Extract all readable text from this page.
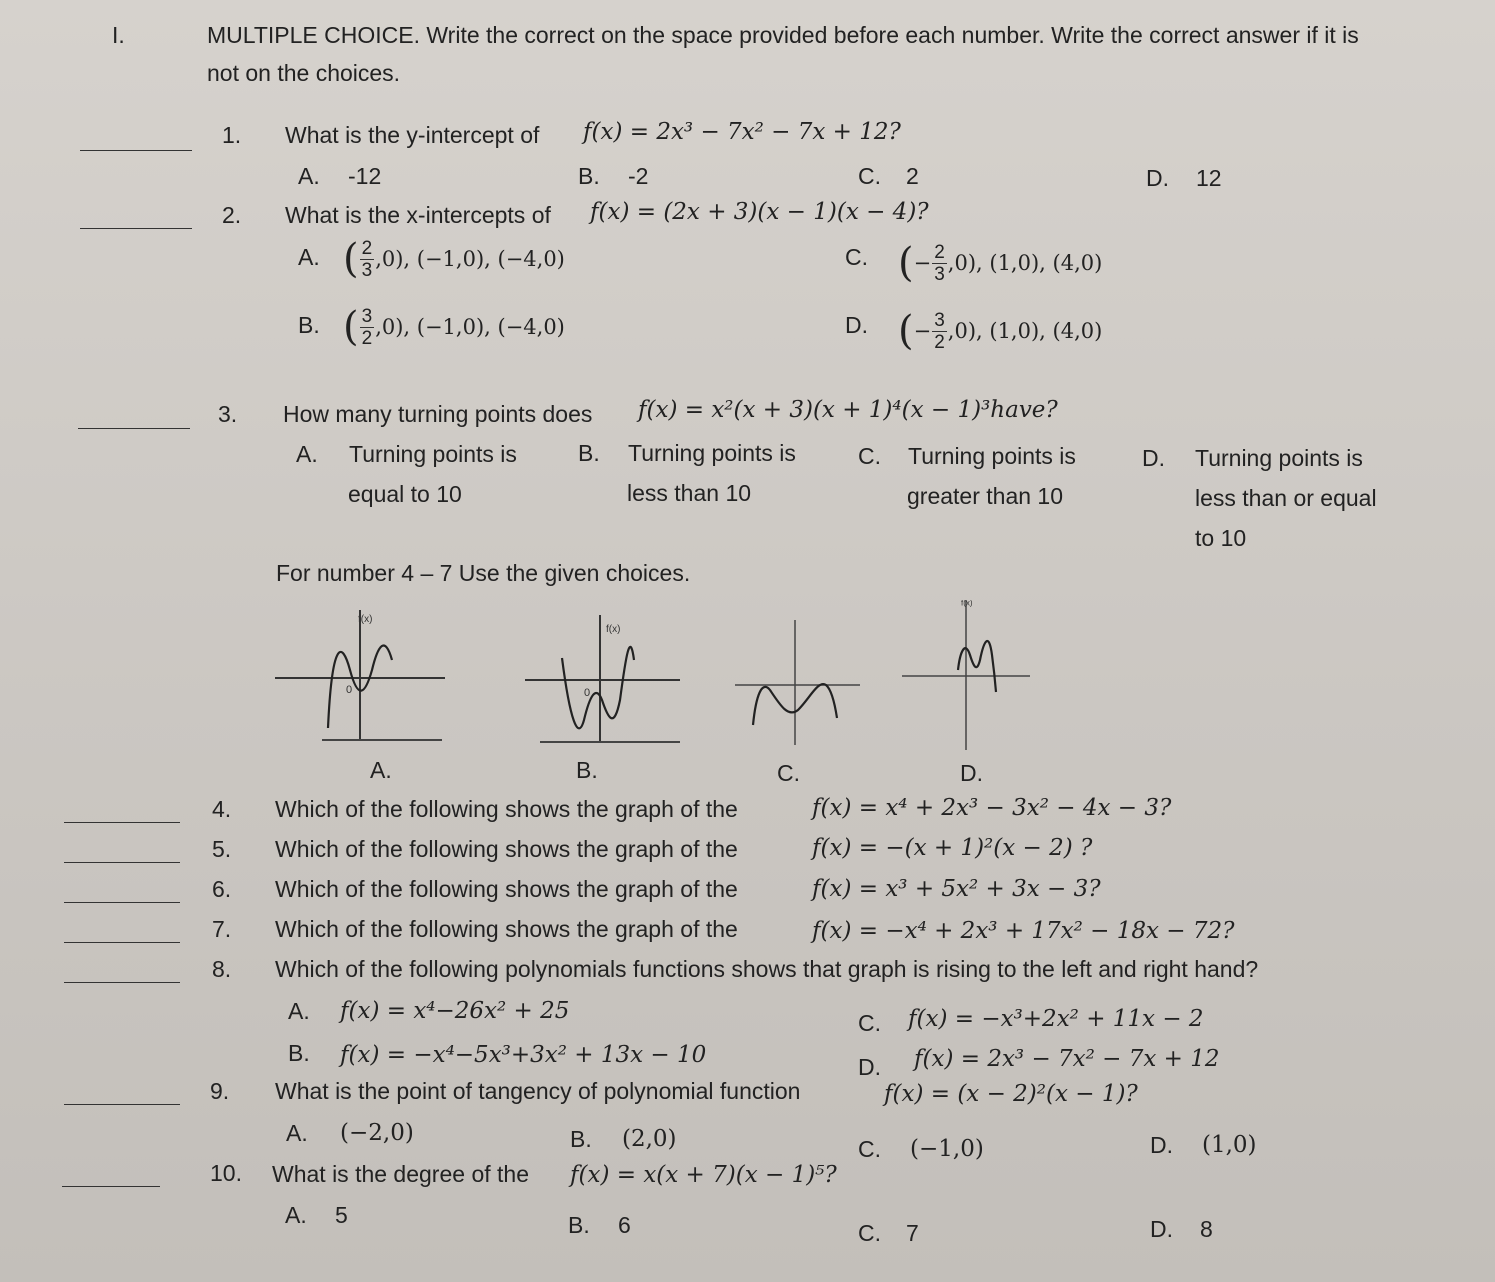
I.	MULTIPLE CHOICE. Write the correct on the space provided before each number. Write the correct answer if it is
not on the choices.
1. What is the y-intercept of f(x) = 2x³ − 7x² − 7x + 12?
A. -12	B. -2	C. 2	D. 12
2. What is the x-intercepts of f(x) = (2x + 3)(x − 1)(x − 4)?
A. ( $\frac{2}{3} ,0$), (−1,0), (−4,0)	C. (− $\frac{2}{3} ,0$), (1,0), (4,0)
B. ( $\frac{3}{2} ,0$), (−1,0), (−4,0)	D. (− $\frac{3}{2} ,0$), (1,0), (4,0)
3. How many turning points does f(x) = x²(x + 3)(x + 1)⁴(x − 1)³have?
A. Turning points is
equal to 10
B. Turning points is
less than 10
C. Turning points is
greater than 10
D. Turning points is
less than or equal
to 10
For number 4 – 7 Use the given choices.
f(x)
0
f(x)
0
f(x)
A.	B.	C.	D.
4. Which of the following shows the graph of the	f(x) = x⁴ + 2x³ − 3x² − 4x − 3?
5. Which of the following shows the graph of the	f(x) = −(x + 1)²(x − 2) ?
6. Which of the following shows the graph of the	f(x) = x³ + 5x² + 3x − 3?
7. Which of the following shows the graph of the	f(x) = −x⁴ + 2x³ + 17x² − 18x − 72?
8. Which of the following polynomials functions shows that graph is rising to the left and right hand?
A. f(x) = x⁴−26x² + 25
B. f(x) = −x⁴−5x³+3x² + 13x − 10
C. f(x) = −x³+2x² + 11x − 2
D. f(x) = 2x³ − 7x² − 7x + 12
9. What is the point of tangency of polynomial function	f(x) = (x − 2)²(x − 1)?
A. (−2,0)	B. (2,0)	C. (−1,0)	D. (1,0)
10. What is the degree of the f(x) = x(x + 7)(x − 1)⁵?
A. 5	B. 6	C. 7	D. 8
